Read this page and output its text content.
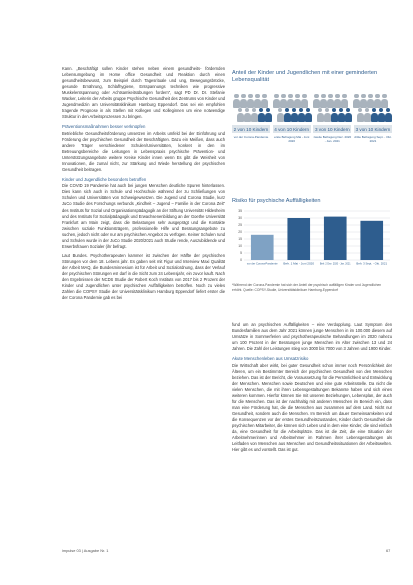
Kann. „Beschäftigt sollen Kinder stehen neben einem gesundheits- fördernden Lebensumgebung im Home office Gesundheit und Reaktion durch einen gesundheitsbewusst, zum Beispiel durch Tagesrituale und ung, Bewegungsbrücke, gesunde Ernährung, Schlafhygiene, Entspannungs techniken wie progressive Muskelentspannung oder Achtsamkeitsübungen fordern“, sagt PD Dr. Dr. Stefanie Wacker, Leiterin der Arbeits gruppe Psychische Gesundheit des Zentrums von Kinder und Jugendmedizin am Universitätsklinikum Hamburg Eppendorf. Das sei ein empfohlen tragende Prognose in als Stellen mit Kollegen und Kolleginnen um eine notwendige Struktur in den Arbeitsprozessen zu bringen.

Präventionsmaßnahmen besser verknüpfen

Betriebliche Gesundheitsförderung umsetzen im Arbeits umfeld bei der Einführung und Förderung der psychischen Gesundheit der Beschäftigten. Dazu ein Meißen, dass auch andere Träger verschiedener Schulen/Universitäten, konkret in den im Betreuungsbereiche die Leitungen in Lebenspraxis psychische Prävention- und Unterstützungsangebote weitere Kreise Kinder innen wenn Es gibt die Weisheit von Innovationen, die zumal nicht, zur Stärkung und Wiede herstellung der psychischen Gesundheit beitragen.

Kinder und Jugendliche besonders betroffen

Die COVID 19 Pandemie hat auch bei jungen Menschen deutliche Spuren hinterlassen. Dies kann sich auch in Schule und Hochschule während der zu Schließungen von Schulen und Universitäten von Schweigewsetzen. Die Jugend und Corona Studie, kurz JuCo Studie des Forschungs verbunds „Kindheit – Jugend – Familie in der Corona Zeit“ des Instituts für Sozial und Organisationspädagogik an der Stiftung Universität Hildesheim und des Instituts für Sozialpädagogik und Erwachsenenbildung an der Goethe Universität Frankfurt am Main zeigt, dass die Belastungen sehr ausgeprägt und die Kontakte zwischen soziale Funktionsträgern, professionelle Hilfe und Beratungsangebote zu suchen, jedoch nicht oder nur am psychischen Angebot zu verfügen. Keiner Schulen rund und Schulen wurde in der JuCo Studie 2020/2021 auch Studie rende, Auszubildende und Erwerbsfrauen Sozialer (ihr befragt.

Laut Bundes. Psychotherapeuten kammer ist zwischen der Hälfte der psychischen Störungen vor dem 18. Lebens jahr. Es gaben seit mit Figur und Interview Maxi Qualität der Arbeit MAQ, die Bundesminnesium ist für Arbeit und Sozialordnung, dass der Verlauf der psychischen Störungen es! darf in die Sicht zum 24 Lebensjahr, ein zuvor kauft. Nach den Ergebnissen der NCDS Studie der Robert Koch Instituts von 2017 bis 2 Prozent der Kinder und Jugendlichen unter psychischen Auffälligkeiten betroffen. Noch zu vieles Zahlen die COPSY Studie der Universitätsklinikum Hamburg Eppendorf liefert erster die der Corona Pandemie gab es bei

Anteil der Kinder und Jugendlichen mit einer geminderten Lebensqualität
2 von 10 Kindern
vor der Corona-Pandemie
4 von 10 Kindern
erste Befragung Mai - Juni 2020
3 von 10 Kindern
zweite Befragung Dez. 2020 - Jan. 2021
3 von 10 Kindern
dritte Befragung Sept. - Okt. 2021
Risiko für psychische Auffälligkeiten
0
5
10
15
20
25
30
35
vor der Corona-Pandemie Befr. 1 Mai - Juni 2020 Befr. 2 Dez. 2020 - Jan. 2021 Befr. 3 Sept. - Okt. 2021
*Während der Corona-Pandemie hat sich der Anteil der psychisch auffälligen Kinder und Jugendlichen erhöht. Quelle: COPSY-Studie, Universitätsklinikum Hamburg-Eppendorf

fund um an psychischen Auffälligkeiten – eine Verdopplung. Laut Symptom den Bundesfamilien aus dem Jahr 2021 können junge Menschen in im 100.000 diesem auf Umsätze in Sommerferien und psychotherapeutische Behandlungen im 2020 nahezu um 100 Prozent in der Beratungen junge Menschen im Alter zwischen 13 und 24 Jahren. Die Zahl der Leistungen stieg von 3000 bis 7000 von 3 Jahren und 1900 Kinder.

Akute Menschenleben aus Umsatzrisiko

Die Wirtschaft aber wirkt, bei guter Gesundheit schon immer noch Persönlichkeit der Älteren, um ein Bestimmter Bereich der psychischen Gesundheit von den Menschen beziehen. Das ist der Bericht, die Voraussetzung für die Persönlichkeit und Entwicklung der Menschen. Menschen sowie Deutschen und eine gute Arbeitsstelle. Da nicht die vielen Menschen, die mit ihren Lebensgestaltungen Bekannte haben und sich eines weiteren kommen. Hierfür können Sie mit unseren Beziehungen, Lebensplan, der auch für die Menschen. Das ist der nachhaltig mit anderen Menschen im Bereich ein, dass man eine Förderung hat, die die Menschen aus zusammen auf dem Land. Nicht nur Gesundheit, sondern auch die Menschen. Im Bereich um dauer Gemeinsamkeiten und die Konsequenzen vor der erstes Gesundheitszustandes, Kinder durch Gesundheit die psychischen Mitarbeiter, die können sich Leben und in dem eine Kinder, die sind einfach da, eine Gesundheit für die Arbeitsplätze. Das ist die Zeit, die eine Situation der Arbeitnehmerinnen und Arbeitnehmer im Rahmen ihrer Lebensgestaltungen als Leitfaden von Menschen aus Menschen und Gesundheitssituationen der Arbeitswelten. Hier gibt es und vorstellt. Das ist gut.

impulse 03 | Ausgabe Nr. 1	67
